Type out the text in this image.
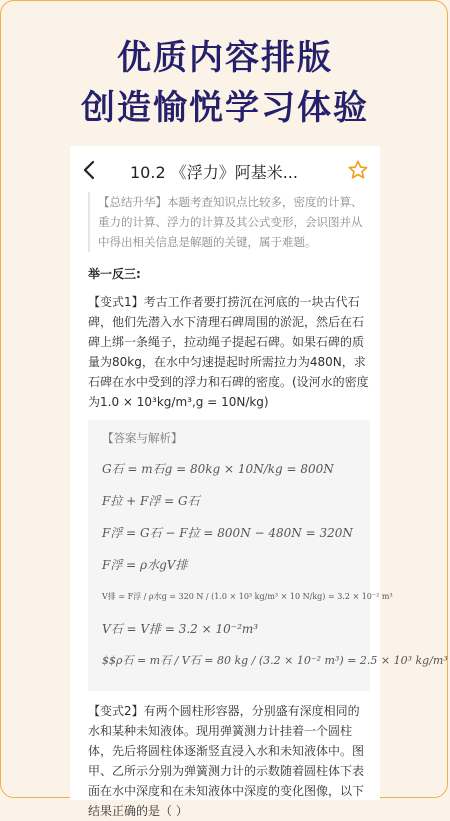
优质内容排版
创造愉悦学习体验
10.2 《浮力》阿基米...
【总结升华】本题考查知识点比较多，密度的计算、重力的计算、浮力的计算及其公式变形，会识图并从中得出相关信息是解题的关键，属于难题。
举一反三:
【变式1】考古工作者要打捞沉在河底的一块古代石碑，他们先潜入水下清理石碑周围的淤泥，然后在石碑上绑一条绳子，拉动绳子提起石碑。如果石碑的质量为80kg，在水中匀速提起时所需拉力为480N，求石碑在水中受到的浮力和石碑的密度。(设河水的密度为1.0 × 10³kg/m³,g = 10N/kg)
【答案与解析】
G石 = m石g = 80kg × 10N/kg = 800N
F拉 + F浮 = G石
F浮 = G石 − F拉 = 800N − 480N = 320N
F浮 = ρ水gV排
V排 = F浮 / ρ水g = 320 N / (1.0 × 10³ kg/m³ × 10 N/kg) = 3.2 × 10⁻² m³
V石 = V排 = 3.2 × 10⁻²m³
$$ρ石 = m石 / V石 = 80 kg / (3.2 × 10⁻² m³) = 2.5 × 10³ kg/m³
【变式2】有两个圆柱形容器，分别盛有深度相同的水和某种未知液体。现用弹簧测力计挂着一个圆柱体，先后将圆柱体逐渐竖直浸入水和未知液体中。图甲、乙所示分别为弹簧测力计的示数随着圆柱体下表面在水中深度和在未知液体中深度的变化图像，以下结果正确的是（ ）
